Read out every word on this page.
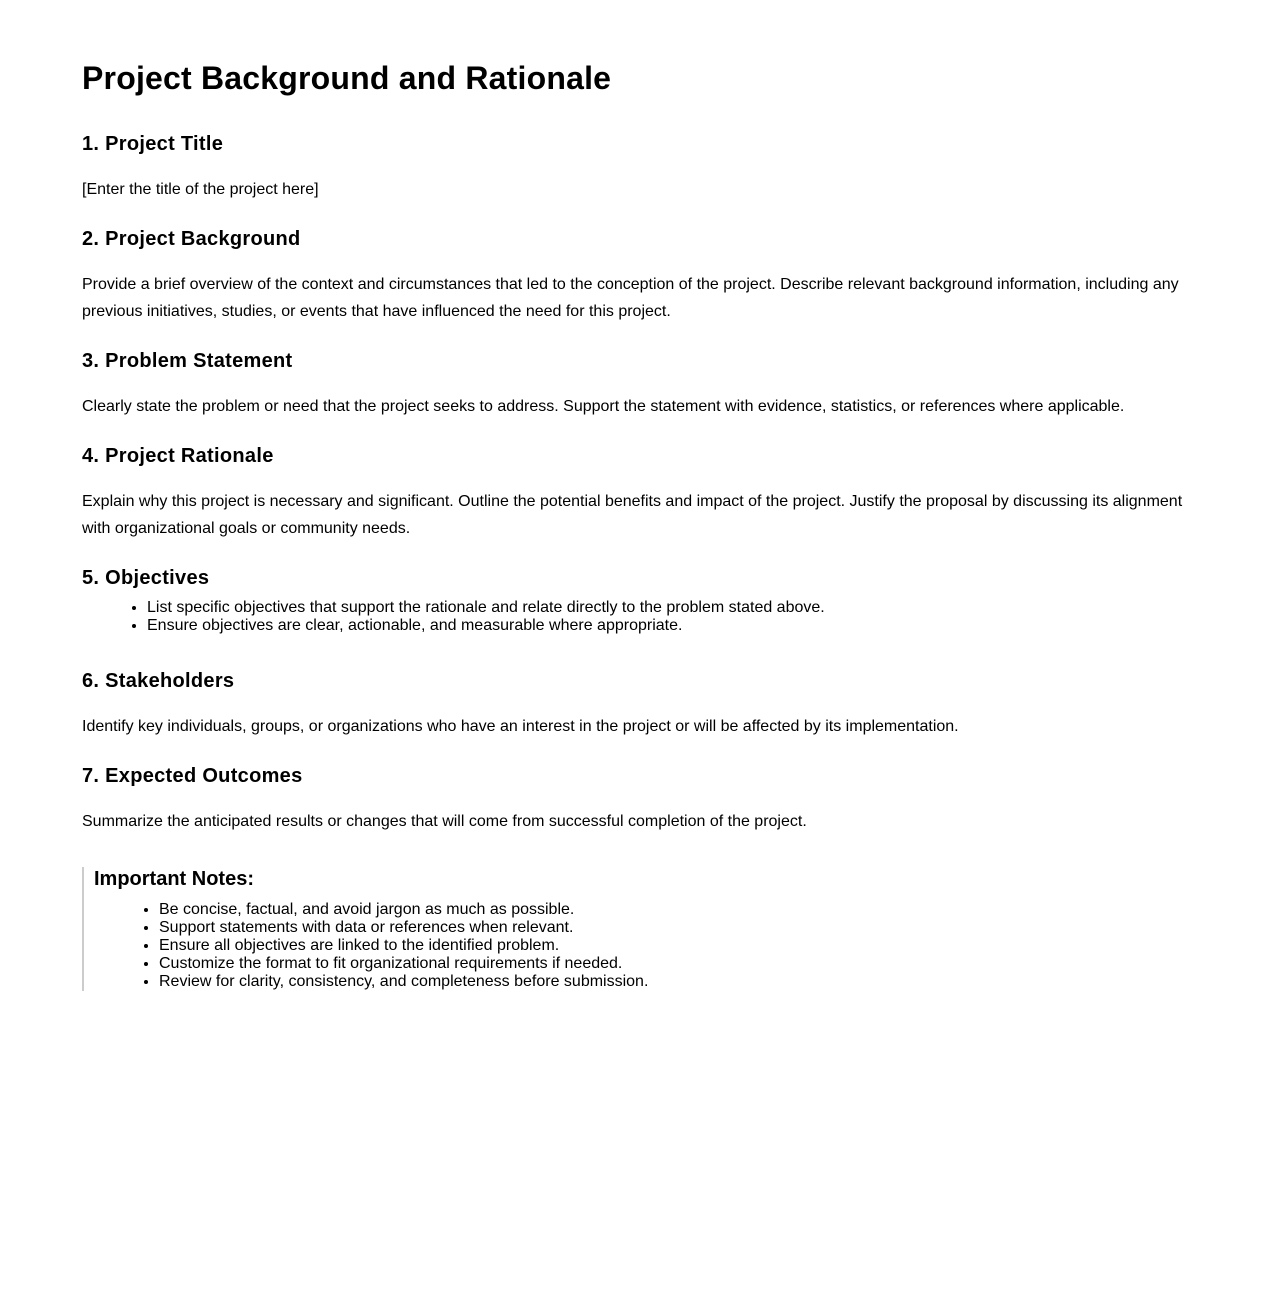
Project Background and Rationale
1. Project Title

[Enter the title of the project here]

2. Project Background

Provide a brief overview of the context and circumstances that led to the conception of the project. Describe relevant background information, including any previous initiatives, studies, or events that have influenced the need for this project.

3. Problem Statement

Clearly state the problem or need that the project seeks to address. Support the statement with evidence, statistics, or references where applicable.

4. Project Rationale

Explain why this project is necessary and significant. Outline the potential benefits and impact of the project. Justify the proposal by discussing its alignment with organizational goals or community needs.

5. Objectives
• List specific objectives that support the rationale and relate directly to the problem stated above.
• Ensure objectives are clear, actionable, and measurable where appropriate.
6. Stakeholders

Identify key individuals, groups, or organizations who have an interest in the project or will be affected by its implementation.

7. Expected Outcomes

Summarize the anticipated results or changes that will come from successful completion of the project.

Important Notes:
• Be concise, factual, and avoid jargon as much as possible.
• Support statements with data or references when relevant.
• Ensure all objectives are linked to the identified problem.
• Customize the format to fit organizational requirements if needed.
• Review for clarity, consistency, and completeness before submission.
